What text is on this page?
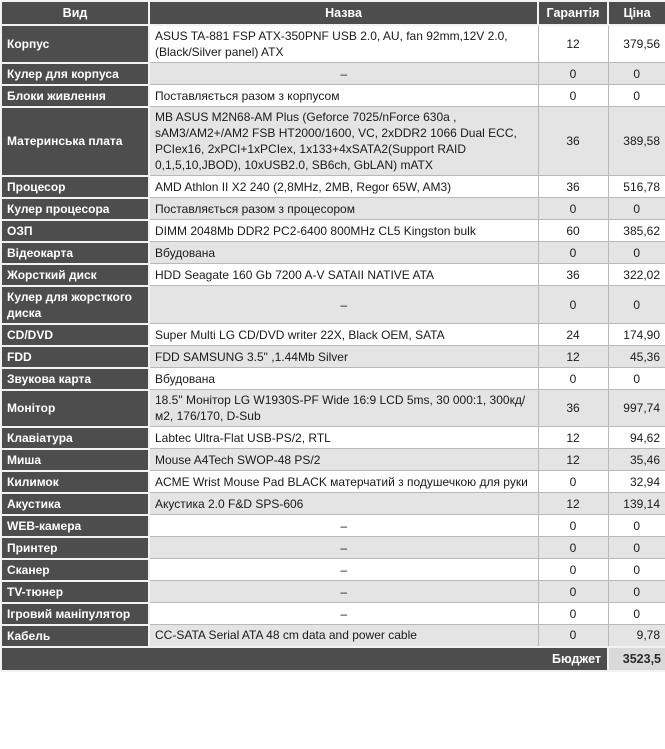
Вид	Назва	Гарантія	Ціна
Корпус	ASUS TA-881 FSP ATX-350PNF USB 2.0, AU, fan 92mm,12V 2.0, (Black/Silver panel) ATX	12	379,56
Кулер для корпуса	–	0	0
Блоки живлення	Поставляється разом з корпусом	0	0
Материнська плата	MB ASUS M2N68-AM Plus (Geforce 7025/nForce 630a , sAM3/AM2+/AM2 FSB HT2000/1600, VC, 2xDDR2 1066 Dual ECC, PCIex16, 2xPCI+1xPCIex, 1x133+4xSATA2(Support RAID 0,1,5,10,JBOD), 10xUSB2.0, SB6ch, GbLAN) mATX	36	389,58
Процесор	AMD Athlon II X2 240 (2,8MHz, 2MB, Regor 65W, AM3)	36	516,78
Кулер процесора	Поставляється разом з процесором	0	0
ОЗП	DIMM 2048Mb DDR2 PC2-6400 800MHz CL5 Kingston bulk	60	385,62
Відеокарта	Вбудована	0	0
Жорсткий диск	HDD Seagate 160 Gb 7200 A-V SATAII NATIVE ATA	36	322,02
Кулер для жорсткого диска	–	0	0
CD/DVD	Super Multi LG CD/DVD writer 22X, Black OEM, SATA	24	174,90
FDD	FDD SAMSUNG 3.5" ,1.44Mb Silver	12	45,36
Звукова карта	Вбудована	0	0
Монітор	18.5" Монітор LG W1930S-PF Wide 16:9 LCD 5ms, 30 000:1, 300кд/м2, 176/170, D-Sub	36	997,74
Клавіатура	Labtec Ultra-Flat USB-PS/2, RTL	12	94,62
Миша	Mouse A4Tech SWOP-48 PS/2	12	35,46
Килимок	ACME Wrist Mouse Pad BLACK матерчатий з подушечкою для руки	0	32,94
Акустика	Акустика 2.0 F&D SPS-606	12	139,14
WEB-камера	–	0	0
Принтер	–	0	0
Сканер	–	0	0
TV-тюнер	–	0	0
Ігровий маніпулятор	–	0	0
Кабель	CC-SATA Serial ATA 48 cm data and power cable	0	9,78
Бюджет			3523,5
